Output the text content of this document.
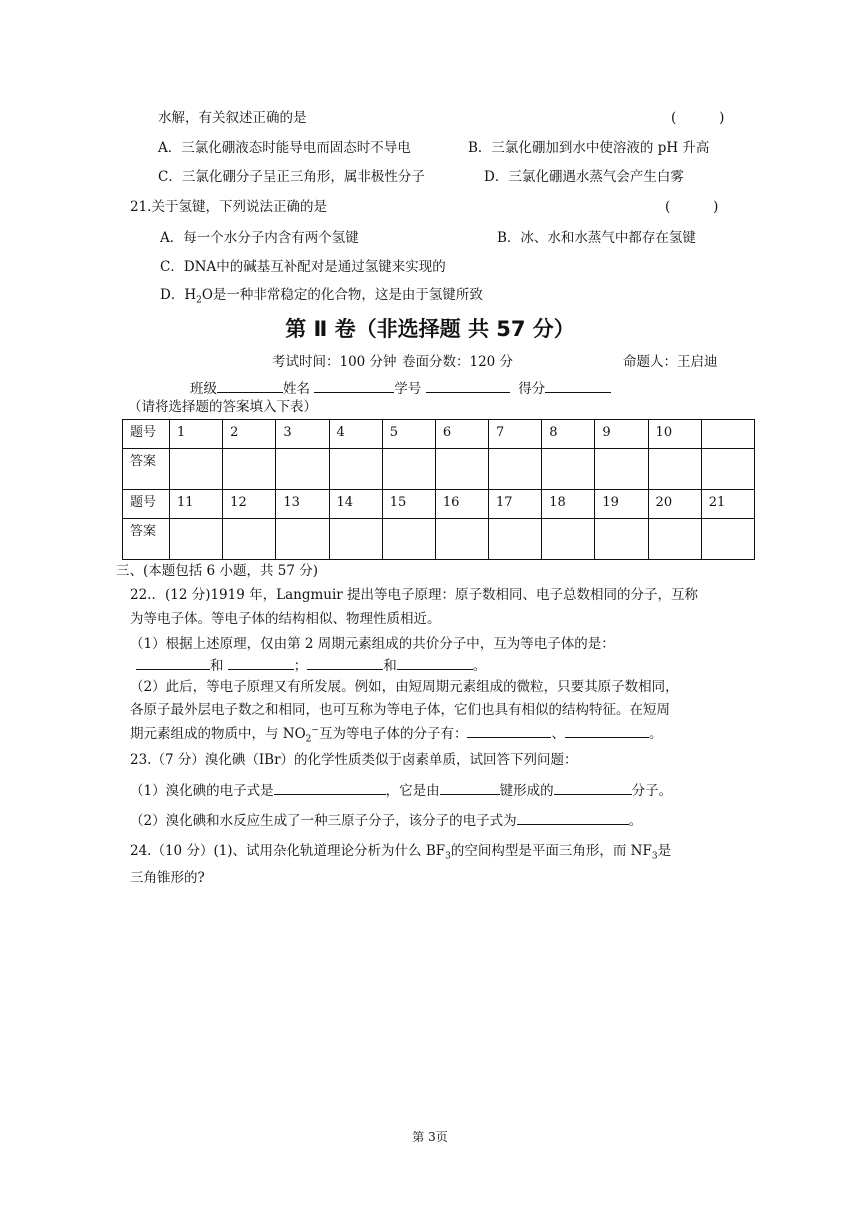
水解，有关叙述正确的是	(          )
A．三氯化硼液态时能导电而固态时不导电	B．三氯化硼加到水中使溶液的 pH 升高
C．三氯化硼分子呈正三角形，属非极性分子	D．三氯化硼遇水蒸气会产生白雾
21.关于氢键，下列说法正确的是	(          )
A．每一个水分子内含有两个氢键	B．冰、水和水蒸气中都存在氢键
C．DNA中的碱基互补配对是通过氢键来实现的
D．$H_2O$是一种非常稳定的化合物，这是由于氢键所致
第 Ⅱ 卷（非选择题 共 57 分）
考试时间：100 分钟 卷面分数：120 分	命题人：王启迪
班级	姓名	学号	得分
（请将选择题的答案填入下表）
题号	1	2	3	4	5	6	7	8	9	10	
答案											
题号	11	12	13	14	15	16	17	18	19	20	21
答案											
三、(本题包括 6 小题，共 57 分)
22.．(12 分)1919 年，Langmuir 提出等电子原理：原子数相同、电子总数相同的分子，互称
为等电子体。等电子体的结构相似、物理性质相近。
（1）根据上述原理，仅由第 2 周期元素组成的共价分子中，互为等电子体的是：
和	；	和	。
（2）此后，等电子原理又有所发展。例如，由短周期元素组成的微粒，只要其原子数相同，
各原子最外层电子数之和相同，也可互称为等电子体，它们也具有相似的结构特征。在短周
期元素组成的物质中，与 $NO_2^-$互为等电子体的分子有：	、	。
23.（7 分）溴化碘（IBr）的化学性质类似于卤素单质，试回答下列问题：
（1）溴化碘的电子式是	，它是由	键形成的	分子。
（2）溴化碘和水反应生成了一种三原子分子，该分子的电子式为	。
24.（10 分）(1)、试用杂化轨道理论分析为什么 $BF_3$的空间构型是平面三角形，而 $NF_3$是
三角锥形的?
第 3页
